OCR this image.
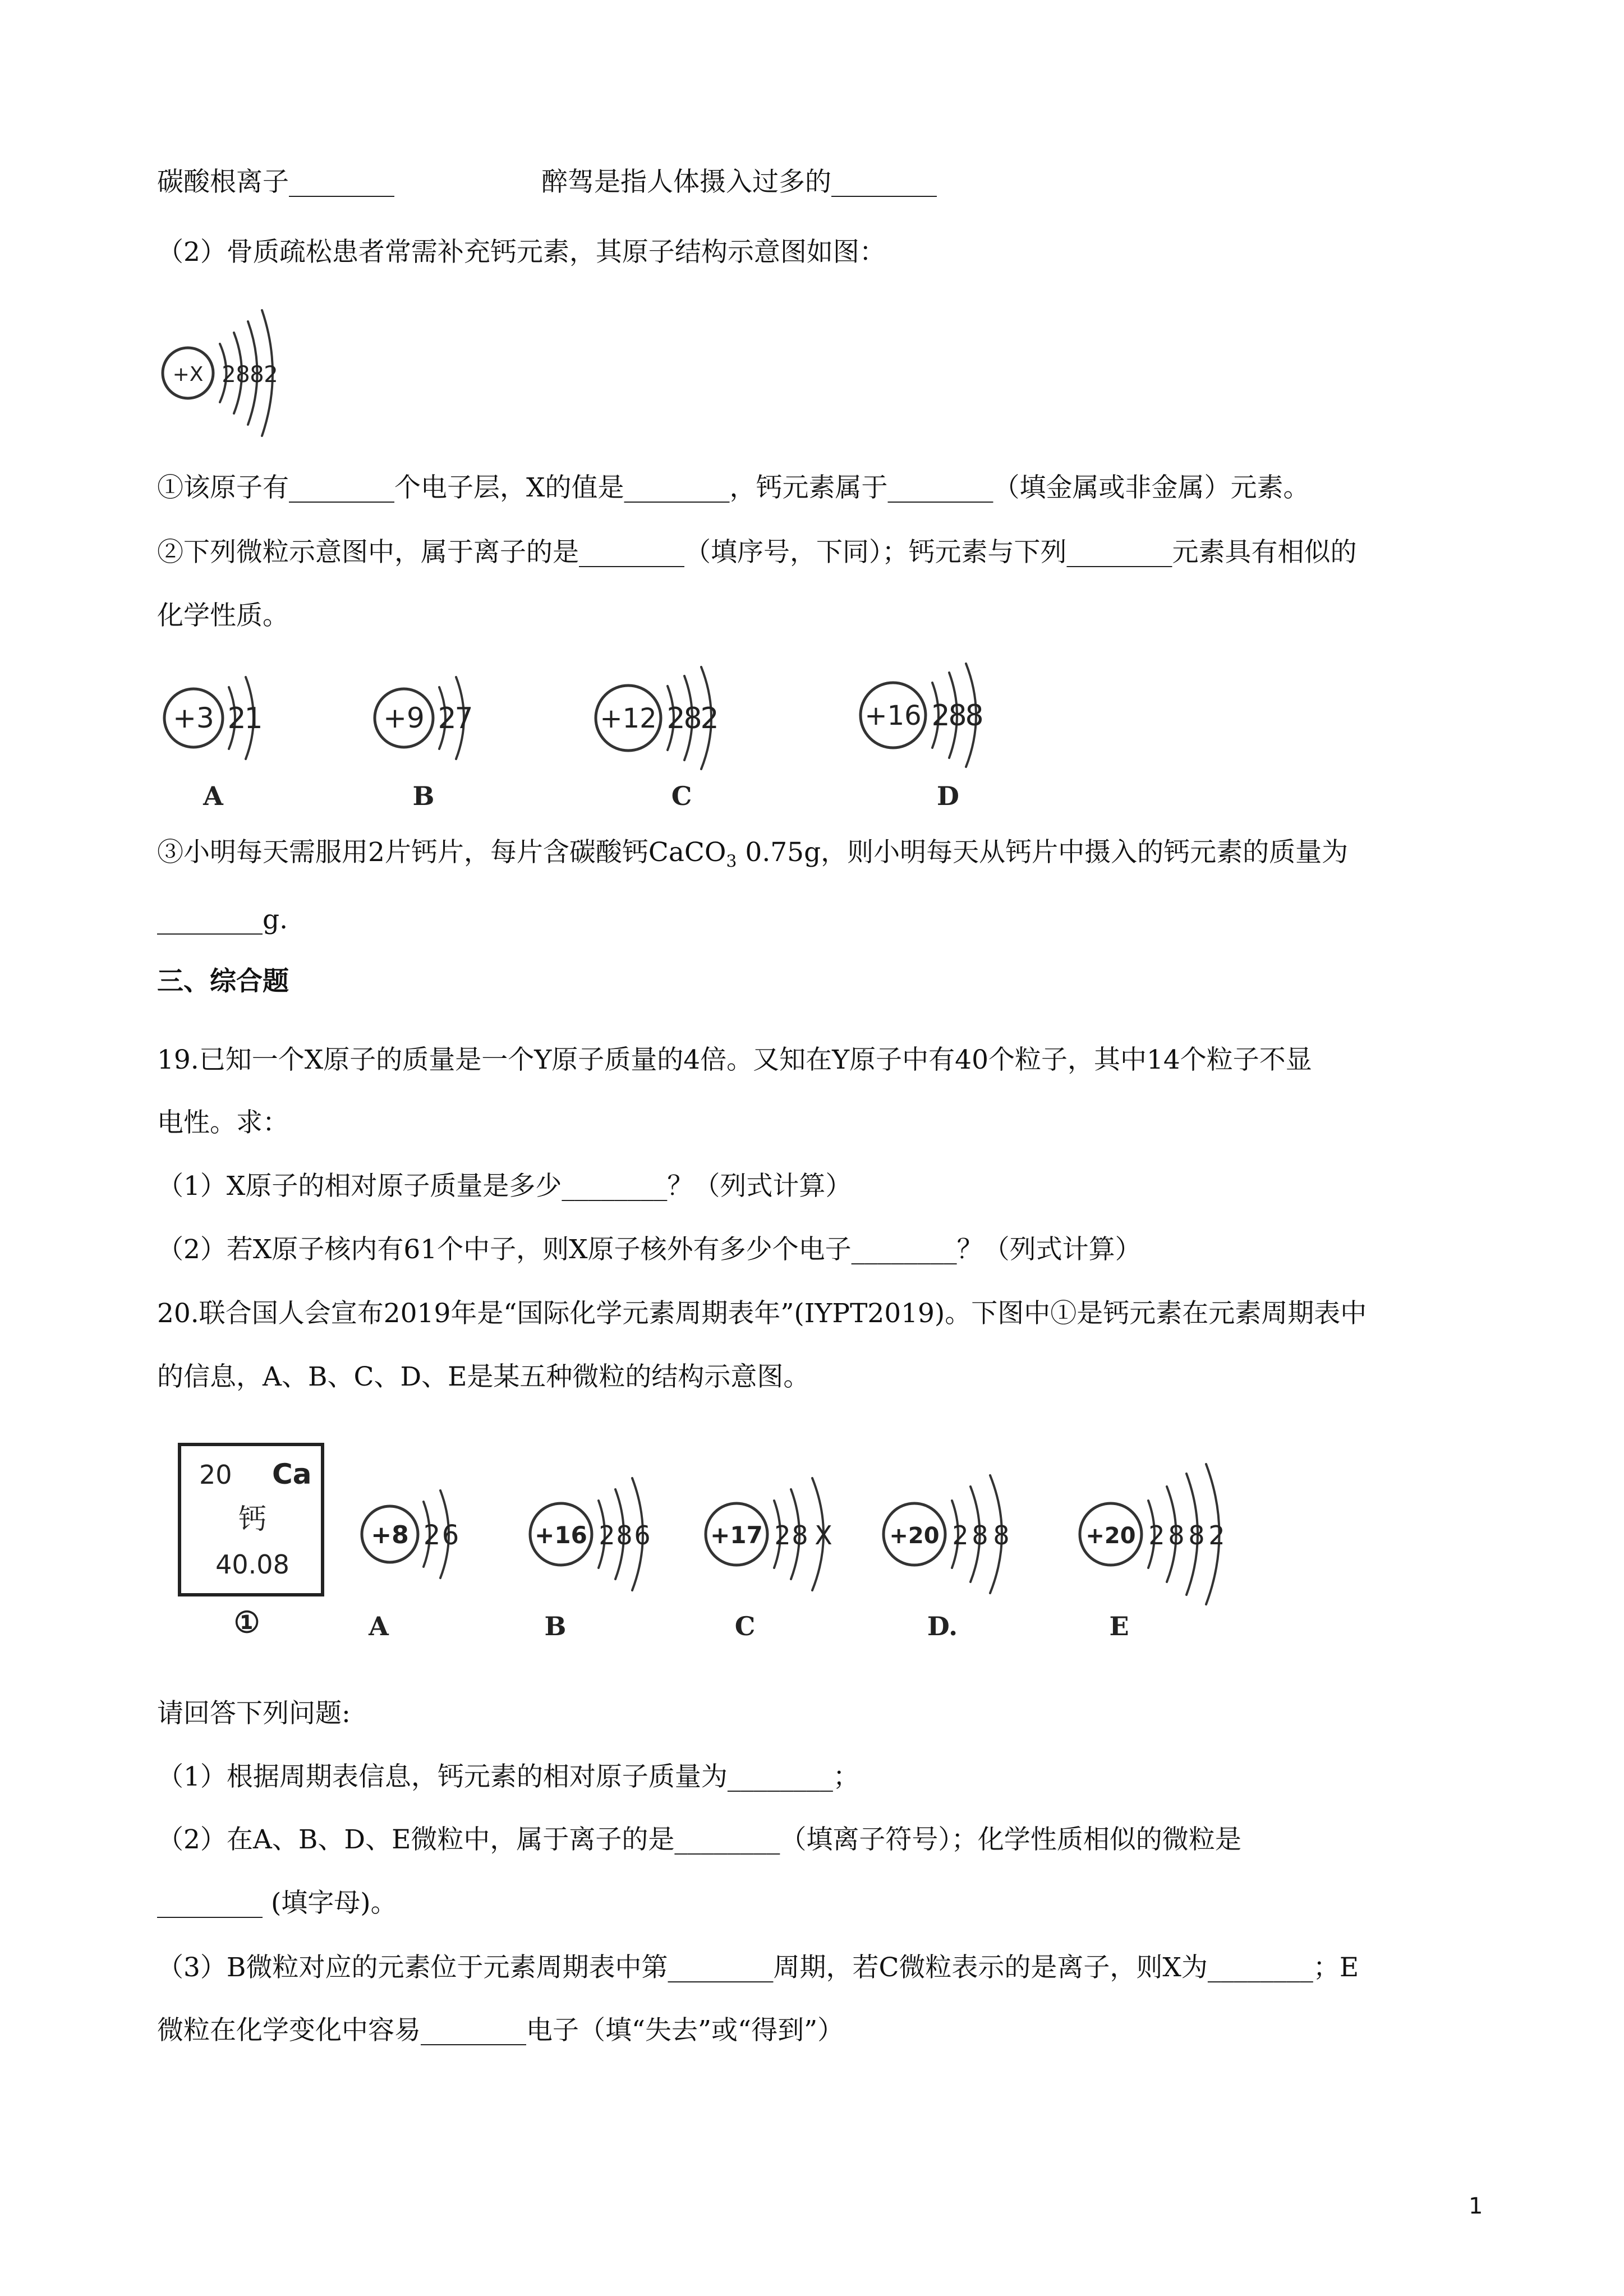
碳酸根离子________	醉驾是指人体摄入过多的________
（2）骨质疏松患者常需补充钙元素，其原子结构示意图如图：
+X 2 8 8 2
①该原子有________个电子层，X的值是________，钙元素属于________（填金属或非金属）元素。
②下列微粒示意图中，属于离子的是________（填序号，下同）；钙元素与下列________元素具有相似的
化学性质。
+3 2
1
A
+9 2
7
B
+12 2
8
2
C
+16 2
8
8
D
③小明每天需服用2片钙片，每片含碳酸钙CaCO$_3$ 0.75g，则小明每天从钙片中摄入的钙元素的质量为
________g.
三、综合题
19.已知一个X原子的质量是一个Y原子质量的4倍。又知在Y原子中有40个粒子，其中14个粒子不显
电性。求：
（1）X原子的相对原子质量是多少________？（列式计算）
（2）若X原子核内有61个中子，则X原子核外有多少个电子________？（列式计算）
20.联合国人会宣布2019年是“国际化学元素周期表年”(IYPT2019)。下图中①是钙元素在元素周期表中
的信息，A、B、C、D、E是某五种微粒的结构示意图。
20 Ca
钙
40.08
①
+8 2 6
A
+16 2 8 6
B
+17 2 8 X
C
+20 2 8 8
D.
+20 2 8 8 2
E
请回答下列问题:
（1）根据周期表信息，钙元素的相对原子质量为________；
（2）在A、B、D、E微粒中，属于离子的是________（填离子符号）；化学性质相似的微粒是
________ (填字母)。
（3）B微粒对应的元素位于元素周期表中第________周期，若C微粒表示的是离子，则X为________；E
微粒在化学变化中容易________电子（填“失去”或“得到”）
1
